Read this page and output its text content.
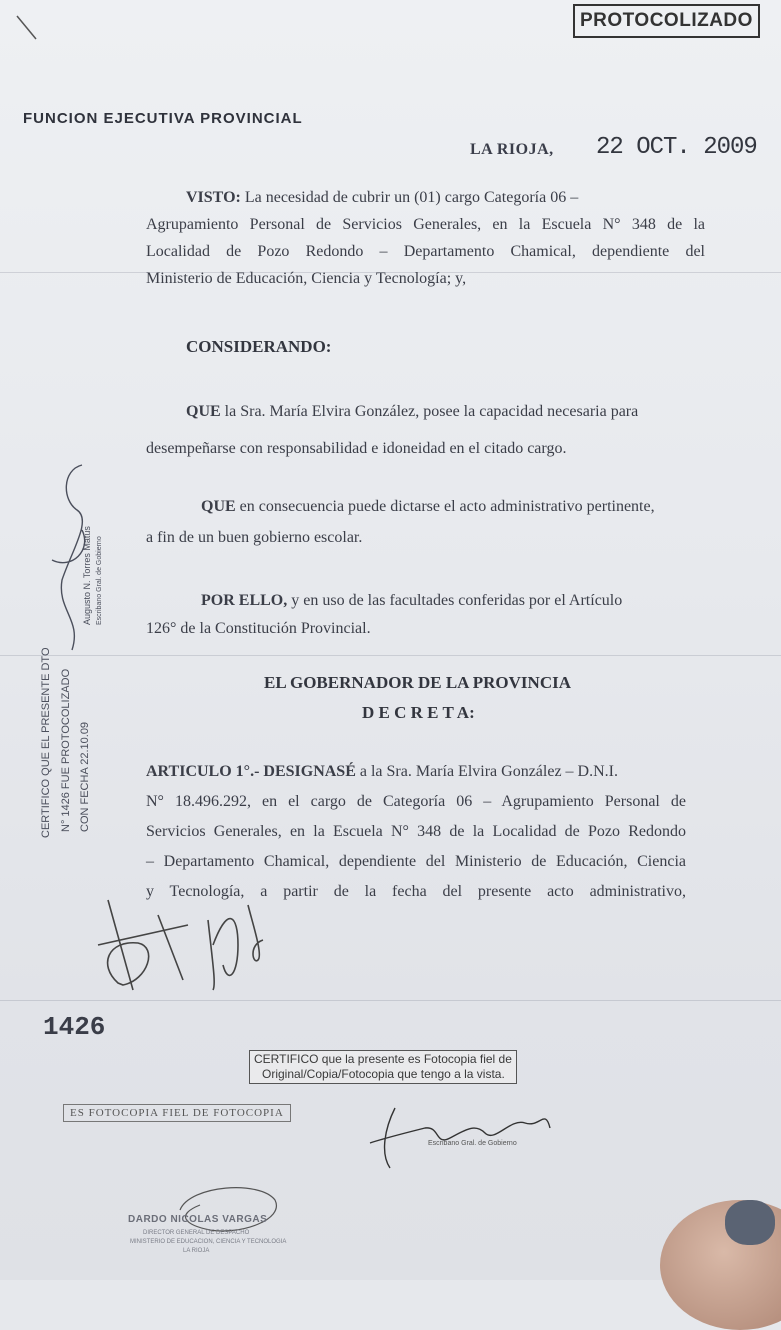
PROTOCOLIZADO
FUNCION EJECUTIVA PROVINCIAL
LA RIOJA, 22 OCT. 2009
VISTO: La necesidad de cubrir un (01) cargo Categoría 06 –
Agrupamiento Personal de Servicios Generales, en la Escuela N° 348 de la
Localidad de Pozo Redondo – Departamento Chamical, dependiente del
Ministerio de Educación, Ciencia y Tecnología; y,
CONSIDERANDO:
QUE la Sra. María Elvira González, posee la capacidad necesaria para
desempeñarse con responsabilidad e idoneidad en el citado cargo.
QUE en consecuencia puede dictarse el acto administrativo pertinente,
a fin de un buen gobierno escolar.
POR ELLO, y en uso de las facultades conferidas por el Artículo
126° de la Constitución Provincial.
EL GOBERNADOR DE LA PROVINCIA
D E C R E T A:
ARTICULO 1°.- DESIGNASÉ a la Sra. María Elvira González – D.N.I.
N° 18.496.292, en el cargo de Categoría 06 – Agrupamiento Personal de
Servicios Generales, en la Escuela N° 348 de la Localidad de Pozo Redondo
– Departamento Chamical, dependiente del Ministerio de Educación, Ciencia
y Tecnología, a partir de la fecha del presente acto administrativo,
1426
CERTIFICO QUE EL PRESENTE DTO N° 1426 FUE PROTOCOLIZADO CON FECHA 22.10.09
Augusto N. Torres Matus Escribano Gral. de Gobierno
CERTIFICO que la presente es Fotocopia fiel de
Original/Copia/Fotocopia que tengo a la vista.
ES FOTOCOPIA FIEL DE FOTOCOPIA
Escribano Gral. de Gobierno
DARDO NICOLAS VARGAS
DIRECTOR GENERAL DE DESPACHO
MINISTERIO DE EDUCACION, CIENCIA Y TECNOLOGIA
LA RIOJA
